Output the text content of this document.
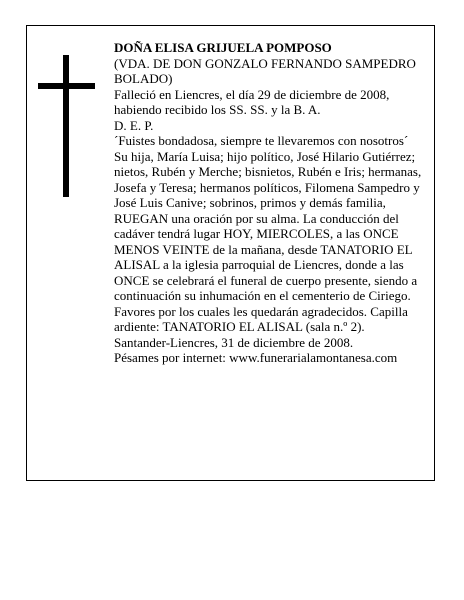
DOÑA ELISA GRIJUELA POMPOSO

(VDA. DE DON GONZALO FERNANDO SAMPEDRO BOLADO)

Falleció en Liencres, el día 29 de diciembre de 2008, habiendo recibido los SS. SS. y la B. A.

D. E. P.

´Fuistes bondadosa, siempre te llevaremos con nosotros´

Su hija, María Luisa; hijo político, José Hilario Gutiérrez; nietos, Rubén y Merche; bisnietos, Rubén e Iris; hermanas, Josefa y Teresa; hermanos políticos, Filomena Sampedro y José Luis Canive; sobrinos, primos y demás familia,

RUEGAN una oración por su alma. La conducción del cadáver tendrá lugar HOY, MIERCOLES, a las ONCE MENOS VEINTE de la mañana, desde TANATORIO EL ALISAL a la iglesia parroquial de Liencres, donde a las ONCE se celebrará el funeral de cuerpo presente, siendo a continuación su inhumación en el cementerio de Ciriego. Favores por los cuales les quedarán agradecidos. Capilla ardiente: TANATORIO EL ALISAL (sala n.º 2).

Santander-Liencres, 31 de diciembre de 2008.

Pésames por internet: www.funerarialamontanesa.com
